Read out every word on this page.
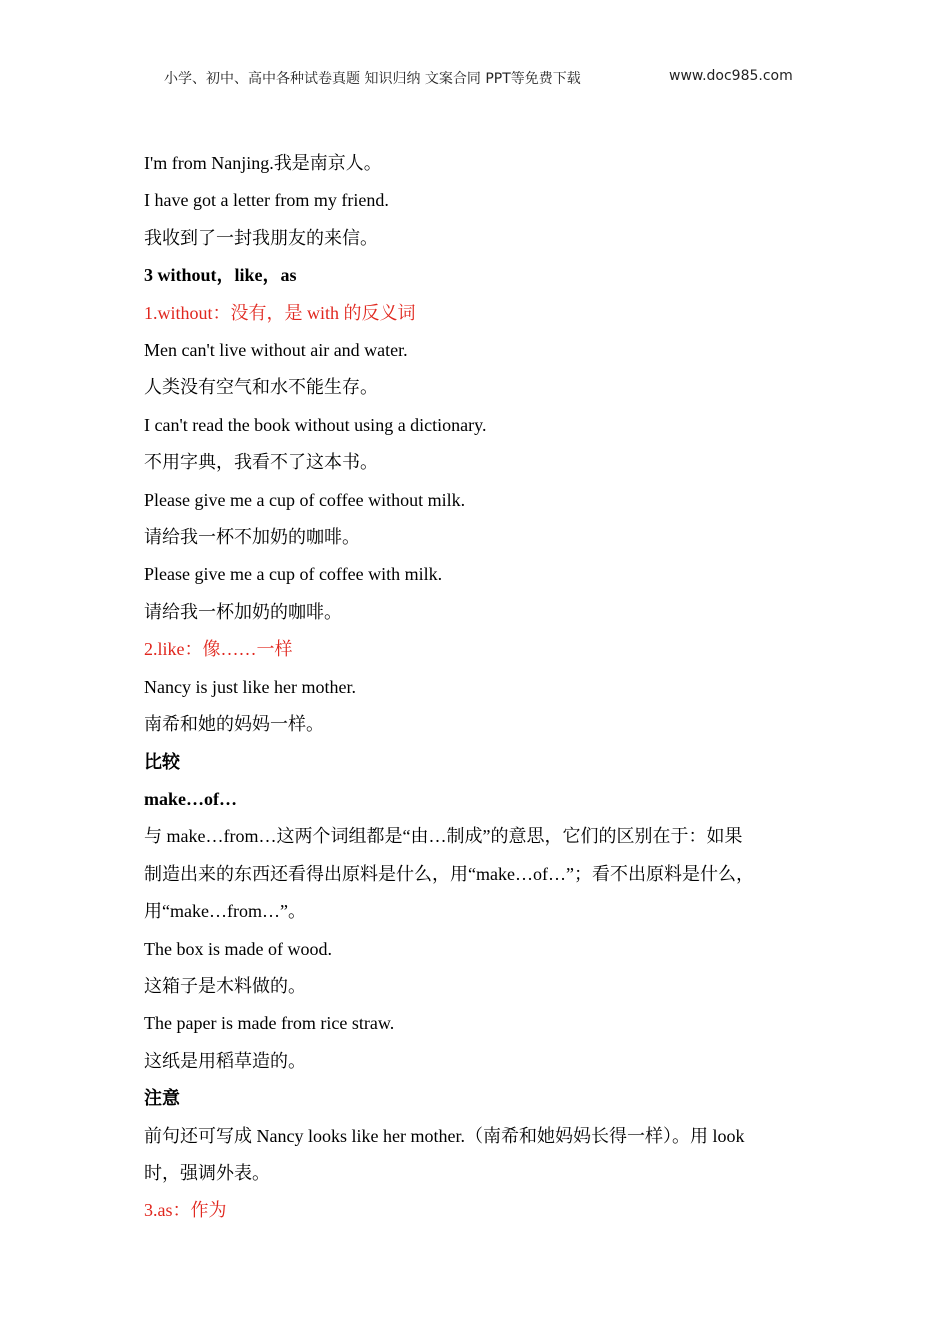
小学、初中、高中各种试卷真题 知识归纳 文案合同 PPT等免费下载	www.doc985.com

I'm from Nanjing.我是南京人。

I have got a letter from my friend.

我收到了一封我朋友的来信。

3 without，like，as

1.without：没有，是 with 的反义词

Men can't live without air and water.

人类没有空气和水不能生存。

I can't read the book without using a dictionary.

不用字典，我看不了这本书。

Please give me a cup of coffee without milk.

请给我一杯不加奶的咖啡。

Please give me a cup of coffee with milk.

请给我一杯加奶的咖啡。

2.like：像……一样

Nancy is just like her mother.

南希和她的妈妈一样。

比较

make…of…

与 make…from…这两个词组都是“由…制成”的意思，它们的区别在于：如果

制造出来的东西还看得出原料是什么，用“make…of…”；看不出原料是什么，

用“make…from…”。

The box is made of wood.

这箱子是木料做的。

The paper is made from rice straw.

这纸是用稻草造的。

注意

前句还可写成 Nancy looks like her mother.（南希和她妈妈长得一样）。用 look

时，强调外表。

3.as：作为
